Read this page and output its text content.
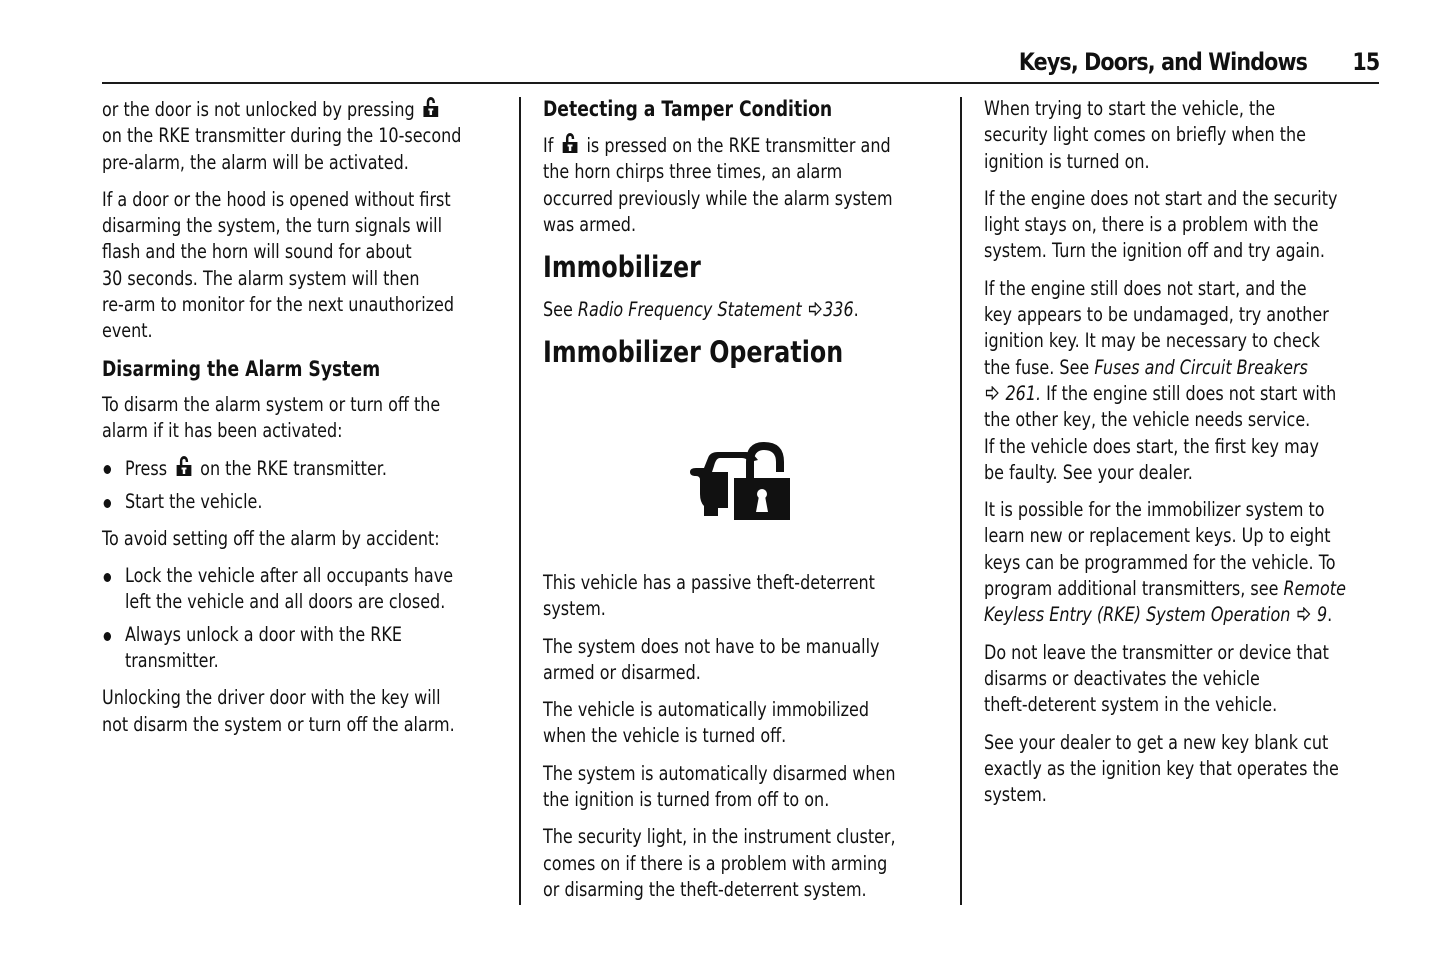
Keys, Doors, and Windows 15

or the door is not unlocked by pressing
on the RKE transmitter during the 10-second
pre-alarm, the alarm will be activated.

If a door or the hood is opened without first
disarming the system, the turn signals will
flash and the horn will sound for about
30 seconds. The alarm system will then
re-arm to monitor for the next unauthorized
event.

Disarming the Alarm System

To disarm the alarm system or turn off the
alarm if it has been activated:

Press on the RKE transmitter.
Start the vehicle.

To avoid setting off the alarm by accident:

Lock the vehicle after all occupants have
left the vehicle and all doors are closed.
Always unlock a door with the RKE
transmitter.

Unlocking the driver door with the key will
not disarm the system or turn off the alarm.

Detecting a Tamper Condition

If is pressed on the RKE transmitter and
the horn chirps three times, an alarm
occurred previously while the alarm system
was armed.

Immobilizer

See Radio Frequency Statement 336.

Immobilizer Operation

This vehicle has a passive theft-deterrent
system.

The system does not have to be manually
armed or disarmed.

The vehicle is automatically immobilized
when the vehicle is turned off.

The system is automatically disarmed when
the ignition is turned from off to on.

The security light, in the instrument cluster,
comes on if there is a problem with arming
or disarming the theft-deterrent system.

When trying to start the vehicle, the
security light comes on briefly when the
ignition is turned on.

If the engine does not start and the security
light stays on, there is a problem with the
system. Turn the ignition off and try again.

If the engine still does not start, and the
key appears to be undamaged, try another
ignition key. It may be necessary to check
the fuse. See Fuses and Circuit Breakers
261. If the engine still does not start with
the other key, the vehicle needs service.
If the vehicle does start, the first key may
be faulty. See your dealer.

It is possible for the immobilizer system to
learn new or replacement keys. Up to eight
keys can be programmed for the vehicle. To
program additional transmitters, see Remote
Keyless Entry (RKE) System Operation 9.

Do not leave the transmitter or device that
disarms or deactivates the vehicle
theft-deterent system in the vehicle.

See your dealer to get a new key blank cut
exactly as the ignition key that operates the
system.
